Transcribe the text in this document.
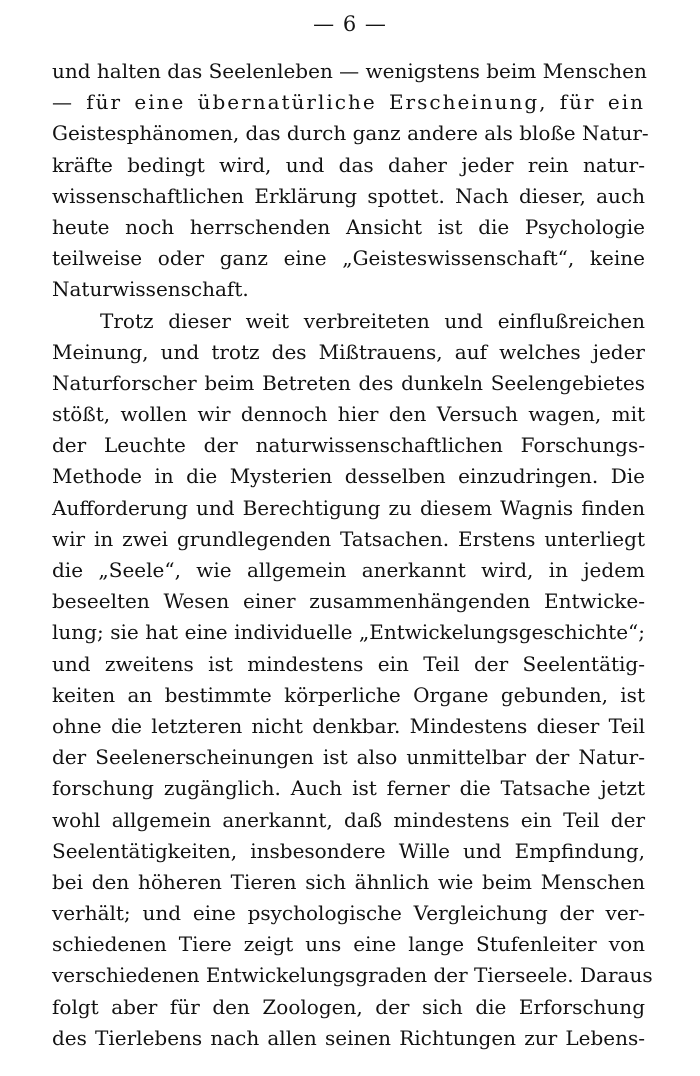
— 6 —
und halten das Seelenleben — wenigstens beim Menschen
— für eine übernatürliche Erscheinung, für ein
Geistesphänomen, das durch ganz andere als bloße Natur-
kräfte bedingt wird, und das daher jeder rein natur-
wissenschaftlichen Erklärung spottet. Nach dieser, auch
heute noch herrschenden Ansicht ist die Psychologie
teilweise oder ganz eine „Geisteswissenschaft“, keine
Naturwissenschaft.
Trotz dieser weit verbreiteten und einflußreichen
Meinung, und trotz des Mißtrauens, auf welches jeder
Naturforscher beim Betreten des dunkeln Seelengebietes
stößt, wollen wir dennoch hier den Versuch wagen, mit
der Leuchte der naturwissenschaftlichen Forschungs-
Methode in die Mysterien desselben einzudringen. Die
Aufforderung und Berechtigung zu diesem Wagnis finden
wir in zwei grundlegenden Tatsachen. Erstens unterliegt
die „Seele“, wie allgemein anerkannt wird, in jedem
beseelten Wesen einer zusammenhängenden Entwicke-
lung; sie hat eine individuelle „Entwickelungsgeschichte“;
und zweitens ist mindestens ein Teil der Seelentätig-
keiten an bestimmte körperliche Organe gebunden, ist
ohne die letzteren nicht denkbar. Mindestens dieser Teil
der Seelenerscheinungen ist also unmittelbar der Natur-
forschung zugänglich. Auch ist ferner die Tatsache jetzt
wohl allgemein anerkannt, daß mindestens ein Teil der
Seelentätigkeiten, insbesondere Wille und Empfindung,
bei den höheren Tieren sich ähnlich wie beim Menschen
verhält; und eine psychologische Vergleichung der ver-
schiedenen Tiere zeigt uns eine lange Stufenleiter von
verschiedenen Entwickelungsgraden der Tierseele. Daraus
folgt aber für den Zoologen, der sich die Erforschung
des Tierlebens nach allen seinen Richtungen zur Lebens-
